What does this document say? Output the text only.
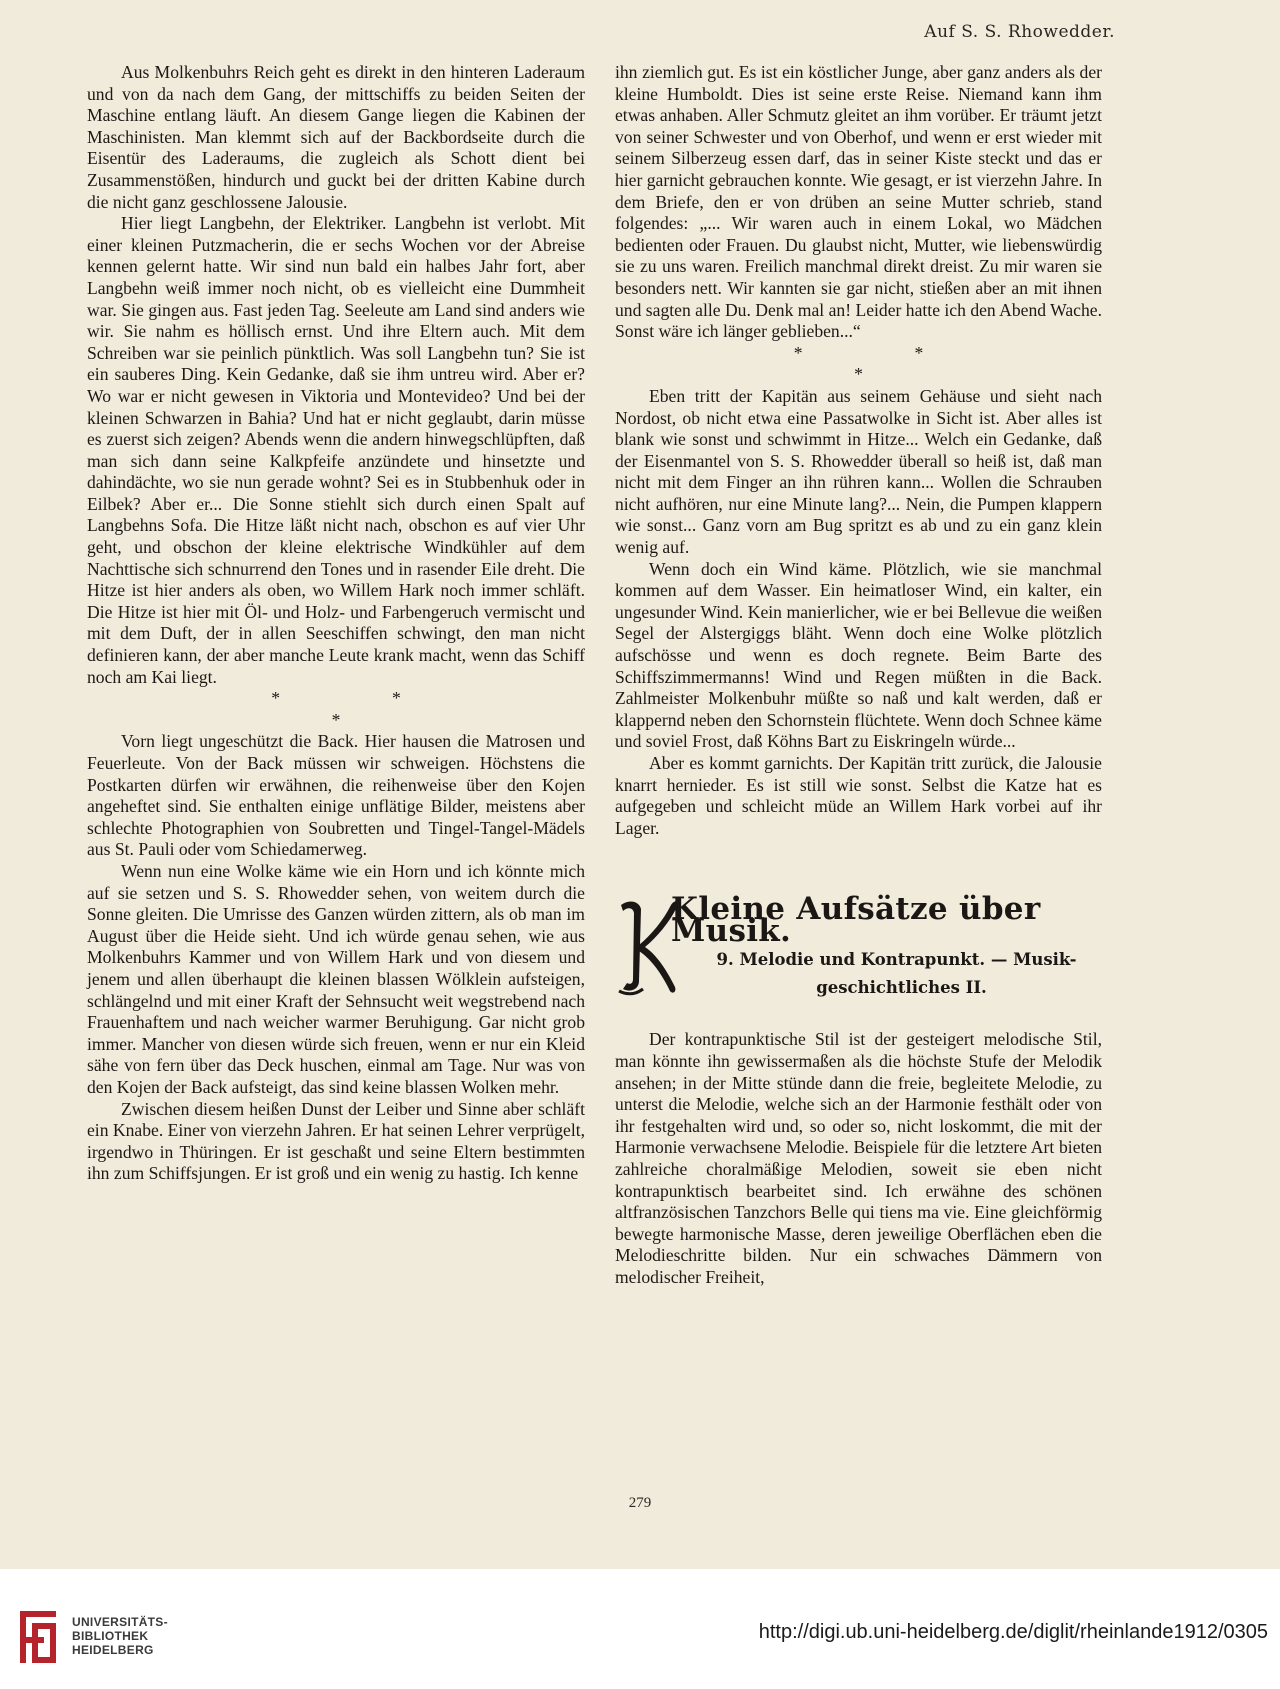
Auf S. S. Rhowedder.

Aus Molkenbuhrs Reich geht es direkt in den hinteren Laderaum und von da nach dem Gang, der mittschiffs zu beiden Seiten der Maschine entlang läuft. An diesem Gange liegen die Kabinen der Maschinisten. Man klemmt sich auf der Backbordseite durch die Eisentür des Laderaums, die zugleich als Schott dient bei Zusammenstößen, hindurch und guckt bei der dritten Kabine durch die nicht ganz geschlossene Jalousie.

Hier liegt Langbehn, der Elektriker. Langbehn ist verlobt. Mit einer kleinen Putzmacherin, die er sechs Wochen vor der Abreise kennen gelernt hatte. Wir sind nun bald ein halbes Jahr fort, aber Langbehn weiß immer noch nicht, ob es vielleicht eine Dummheit war. Sie gingen aus. Fast jeden Tag. Seeleute am Land sind anders wie wir. Sie nahm es höllisch ernst. Und ihre Eltern auch. Mit dem Schreiben war sie peinlich pünktlich. Was soll Langbehn tun? Sie ist ein sauberes Ding. Kein Gedanke, daß sie ihm untreu wird. Aber er? Wo war er nicht gewesen in Viktoria und Montevideo? Und bei der kleinen Schwarzen in Bahia? Und hat er nicht geglaubt, darin müsse es zuerst sich zeigen? Abends wenn die andern hinwegschlüpften, daß man sich dann seine Kalkpfeife anzündete und hinsetzte und dahindächte, wo sie nun gerade wohnt? Sei es in Stubbenhuk oder in Eilbek? Aber er... Die Sonne stiehlt sich durch einen Spalt auf Langbehns Sofa. Die Hitze läßt nicht nach, obschon es auf vier Uhr geht, und obschon der kleine elektrische Windkühler auf dem Nachttische sich schnurrend den Tones und in rasender Eile dreht. Die Hitze ist hier anders als oben, wo Willem Hark noch immer schläft. Die Hitze ist hier mit Öl- und Holz- und Farbengeruch vermischt und mit dem Duft, der in allen Seeschiffen schwingt, den man nicht definieren kann, der aber manche Leute krank macht, wenn das Schiff noch am Kai liegt.

*	*
*

Vorn liegt ungeschützt die Back. Hier hausen die Matrosen und Feuerleute. Von der Back müssen wir schweigen. Höchstens die Postkarten dürfen wir erwähnen, die reihenweise über den Kojen angeheftet sind. Sie enthalten einige unflätige Bilder, meistens aber schlechte Photographien von Soubretten und Tingel-Tangel-Mädels aus St. Pauli oder vom Schiedamerweg.

Wenn nun eine Wolke käme wie ein Horn und ich könnte mich auf sie setzen und S. S. Rhowedder sehen, von weitem durch die Sonne gleiten. Die Umrisse des Ganzen würden zittern, als ob man im August über die Heide sieht. Und ich würde genau sehen, wie aus Molkenbuhrs Kammer und von Willem Hark und von diesem und jenem und allen überhaupt die kleinen blassen Wölklein aufsteigen, schlängelnd und mit einer Kraft der Sehnsucht weit wegstrebend nach Frauenhaftem und nach weicher warmer Beruhigung. Gar nicht grob immer. Mancher von diesen würde sich freuen, wenn er nur ein Kleid sähe von fern über das Deck huschen, einmal am Tage. Nur was von den Kojen der Back aufsteigt, das sind keine blassen Wolken mehr.

Zwischen diesem heißen Dunst der Leiber und Sinne aber schläft ein Knabe. Einer von vierzehn Jahren. Er hat seinen Lehrer verprügelt, irgendwo in Thüringen. Er ist geschaßt und seine Eltern bestimmten ihn zum Schiffsjungen. Er ist groß und ein wenig zu hastig. Ich kenne

ihn ziemlich gut. Es ist ein köstlicher Junge, aber ganz anders als der kleine Humboldt. Dies ist seine erste Reise. Niemand kann ihm etwas anhaben. Aller Schmutz gleitet an ihm vorüber. Er träumt jetzt von seiner Schwester und von Oberhof, und wenn er erst wieder mit seinem Silberzeug essen darf, das in seiner Kiste steckt und das er hier garnicht gebrauchen konnte. Wie gesagt, er ist vierzehn Jahre. In dem Briefe, den er von drüben an seine Mutter schrieb, stand folgendes: „... Wir waren auch in einem Lokal, wo Mädchen bedienten oder Frauen. Du glaubst nicht, Mutter, wie liebenswürdig sie zu uns waren. Freilich manchmal direkt dreist. Zu mir waren sie besonders nett. Wir kannten sie gar nicht, stießen aber an mit ihnen und sagten alle Du. Denk mal an! Leider hatte ich den Abend Wache. Sonst wäre ich länger geblieben...“

*	*
*

Eben tritt der Kapitän aus seinem Gehäuse und sieht nach Nordost, ob nicht etwa eine Passatwolke in Sicht ist. Aber alles ist blank wie sonst und schwimmt in Hitze... Welch ein Gedanke, daß der Eisenmantel von S. S. Rhowedder überall so heiß ist, daß man nicht mit dem Finger an ihn rühren kann... Wollen die Schrauben nicht aufhören, nur eine Minute lang?... Nein, die Pumpen klappern wie sonst... Ganz vorn am Bug spritzt es ab und zu ein ganz klein wenig auf.

Wenn doch ein Wind käme. Plötzlich, wie sie manchmal kommen auf dem Wasser. Ein heimatloser Wind, ein kalter, ein ungesunder Wind. Kein manierlicher, wie er bei Bellevue die weißen Segel der Alstergiggs bläht. Wenn doch eine Wolke plötzlich aufschösse und wenn es doch regnete. Beim Barte des Schiffszimmermanns! Wind und Regen müßten in die Back. Zahlmeister Molkenbuhr müßte so naß und kalt werden, daß er klappernd neben den Schornstein flüchtete. Wenn doch Schnee käme und soviel Frost, daß Köhns Bart zu Eiskringeln würde...

Aber es kommt garnichts. Der Kapitän tritt zurück, die Jalousie knarrt hernieder. Es ist still wie sonst. Selbst die Katze hat es aufgegeben und schleicht müde an Willem Hark vorbei auf ihr Lager.

Kleine Aufsätze über Musik.
9. Melodie und Kontrapunkt. — Musik-
geschichtliches II.

Der kontrapunktische Stil ist der gesteigert melodische Stil, man könnte ihn gewissermaßen als die höchste Stufe der Melodik ansehen; in der Mitte stünde dann die freie, begleitete Melodie, zu unterst die Melodie, welche sich an der Harmonie festhält oder von ihr festgehalten wird und, so oder so, nicht loskommt, die mit der Harmonie verwachsene Melodie. Beispiele für die letztere Art bieten zahlreiche choralmäßige Melodien, soweit sie eben nicht kontrapunktisch bearbeitet sind. Ich erwähne des schönen altfranzösischen Tanzchors Belle qui tiens ma vie. Eine gleichförmig bewegte harmonische Masse, deren jeweilige Oberflächen eben die Melodieschritte bilden. Nur ein schwaches Dämmern von melodischer Freiheit,

279
UNIVERSITÄTS-
BIBLIOTHEK
HEIDELBERG
http://digi.ub.uni-heidelberg.de/diglit/rheinlande1912/0305
